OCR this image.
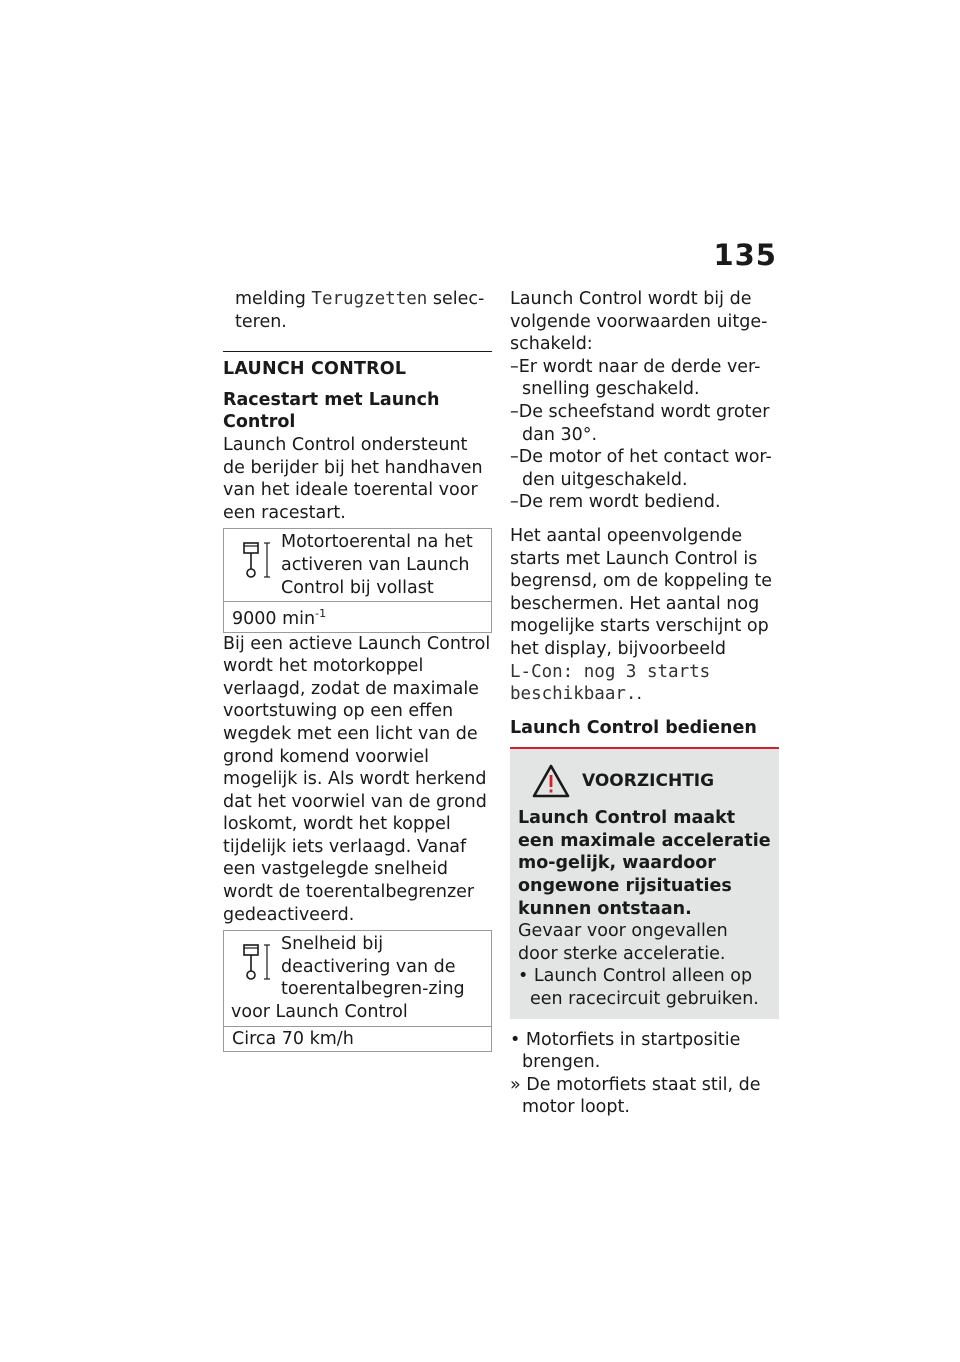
135

melding Terugzetten selec-teren.

LAUNCH CONTROL
Racestart met Launch Control

Launch Control ondersteunt de berijder bij het handhaven van het ideale toerental voor een racestart.

Motortoerental na het activeren van Launch Control bij vollast
9000 $\min^{-1}$

Bij een actieve Launch Control wordt het motorkoppel verlaagd, zodat de maximale voortstuwing op een effen wegdek met een licht van de grond komend voorwiel mogelijk is. Als wordt herkend dat het voorwiel van de grond loskomt, wordt het koppel tijdelijk iets verlaagd. Vanaf een vastgelegde snelheid wordt de toerentalbegrenzer gedeactiveerd.

Snelheid bij deactivering van de toerentalbegren-zing voor Launch Control
Circa 70 km/h

Launch Control wordt bij de volgende voorwaarden uitge-schakeld:

–Er wordt naar de derde ver-snelling geschakeld.
–De scheefstand wordt groter dan 30°.
–De motor of het contact wor-den uitgeschakeld.
–De rem wordt bediend.

Het aantal opeenvolgende starts met Launch Control is begrensd, om de koppeling te beschermen. Het aantal nog mogelijke starts verschijnt op het display, bijvoorbeeld
L-Con: nog 3 starts beschikbaar..

Launch Control bedienen
VOORZICHTIG

Launch Control maakt een maximale acceleratie mo-gelijk, waardoor ongewone rijsituaties kunnen ontstaan.

Gevaar voor ongevallen door sterke acceleratie.

• Launch Control alleen op een racecircuit gebruiken.

• Motorfiets in startpositie brengen.

» De motorfiets staat stil, de motor loopt.
